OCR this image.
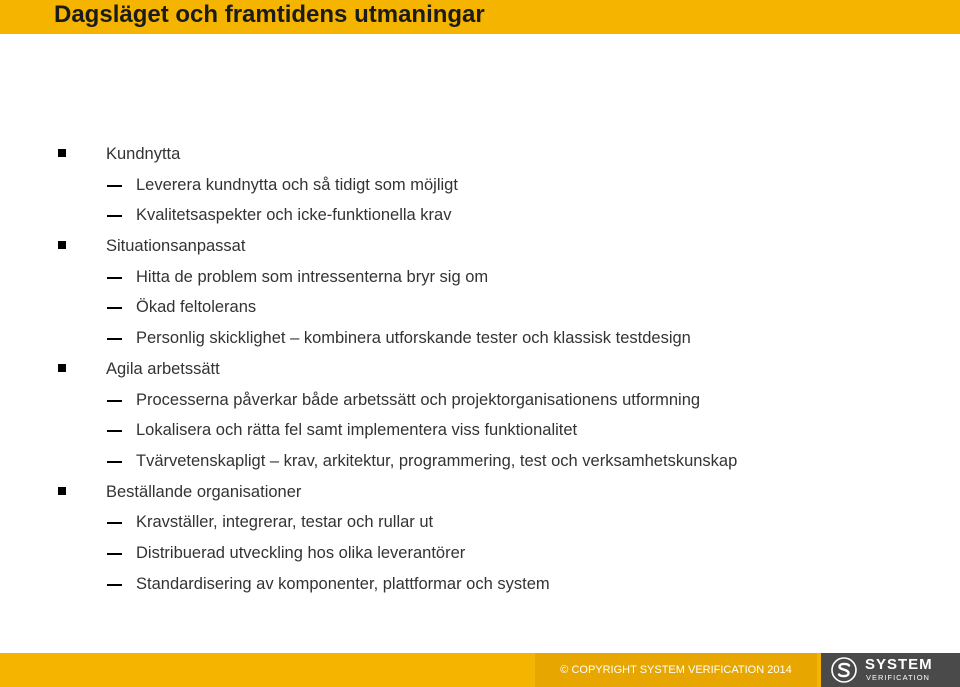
Dagsläget och framtidens utmaningar
Kundnytta
Leverera kundnytta och så tidigt som möjligt
Kvalitetsaspekter och icke-funktionella krav
Situationsanpassat
Hitta de problem som intressenterna bryr sig om
Ökad feltolerans
Personlig skicklighet – kombinera utforskande tester och klassisk testdesign
Agila arbetssätt
Processerna påverkar både arbetssätt och projektorganisationens utformning
Lokalisera och rätta fel samt implementera viss funktionalitet
Tvärvetenskapligt – krav, arkitektur, programmering, test och verksamhetskunskap
Beställande organisationer
Kravställer, integrerar, testar och rullar ut
Distribuerad utveckling hos olika leverantörer
Standardisering av komponenter, plattformar och system
© COPYRIGHT SYSTEM VERIFICATION 2014	SYSTEM
VERIFICATION
